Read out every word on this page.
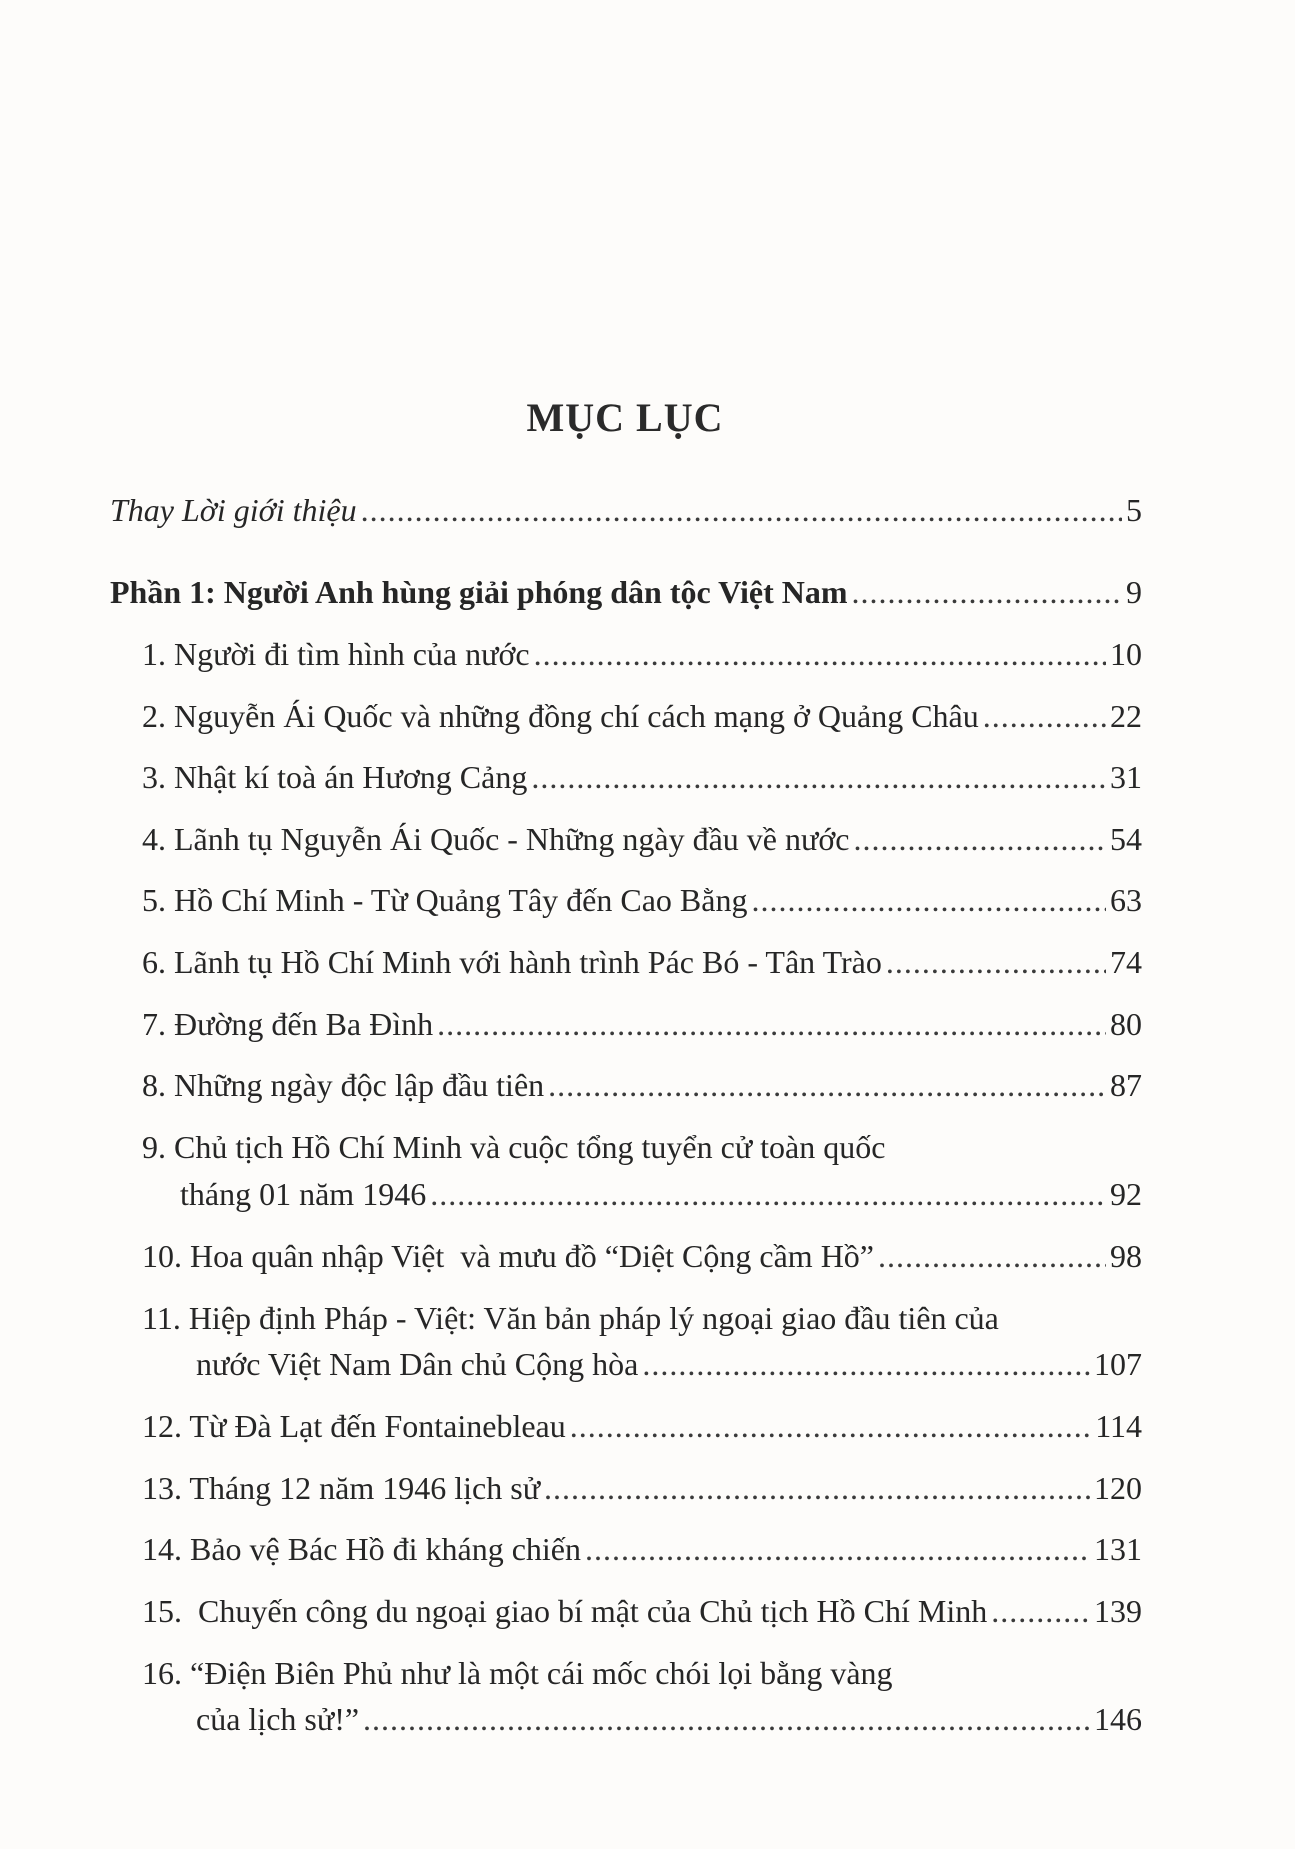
MỤC LỤC
Thay Lời giới thiệu .....	5
Phần 1: Người Anh hùng giải phóng dân tộc Việt Nam .....	9
1. Người đi tìm hình của nước .....	10
2. Nguyễn Ái Quốc và những đồng chí cách mạng ở Quảng Châu .....	22
3. Nhật kí toà án Hương Cảng .....	31
4. Lãnh tụ Nguyễn Ái Quốc - Những ngày đầu về nước .....	54
5. Hồ Chí Minh - Từ Quảng Tây đến Cao Bằng .....	63
6. Lãnh tụ Hồ Chí Minh với hành trình Pác Bó - Tân Trào .....	74
7. Đường đến Ba Đình .....	80
8. Những ngày độc lập đầu tiên .....	87
9. Chủ tịch Hồ Chí Minh và cuộc tổng tuyển cử toàn quốc
tháng 01 năm 1946 .....	92
10. Hoa quân nhập Việt  và mưu đồ “Diệt Cộng cầm Hồ” .....	98
11. Hiệp định Pháp - Việt: Văn bản pháp lý ngoại giao đầu tiên của
nước Việt Nam Dân chủ Cộng hòa .....	107
12. Từ Đà Lạt đến Fontainebleau .....	114
13. Tháng 12 năm 1946 lịch sử .....	120
14. Bảo vệ Bác Hồ đi kháng chiến .....	131
15.  Chuyến công du ngoại giao bí mật của Chủ tịch Hồ Chí Minh .....	139
16. “Điện Biên Phủ như là một cái mốc chói lọi bằng vàng
của lịch sử!” .....	146
